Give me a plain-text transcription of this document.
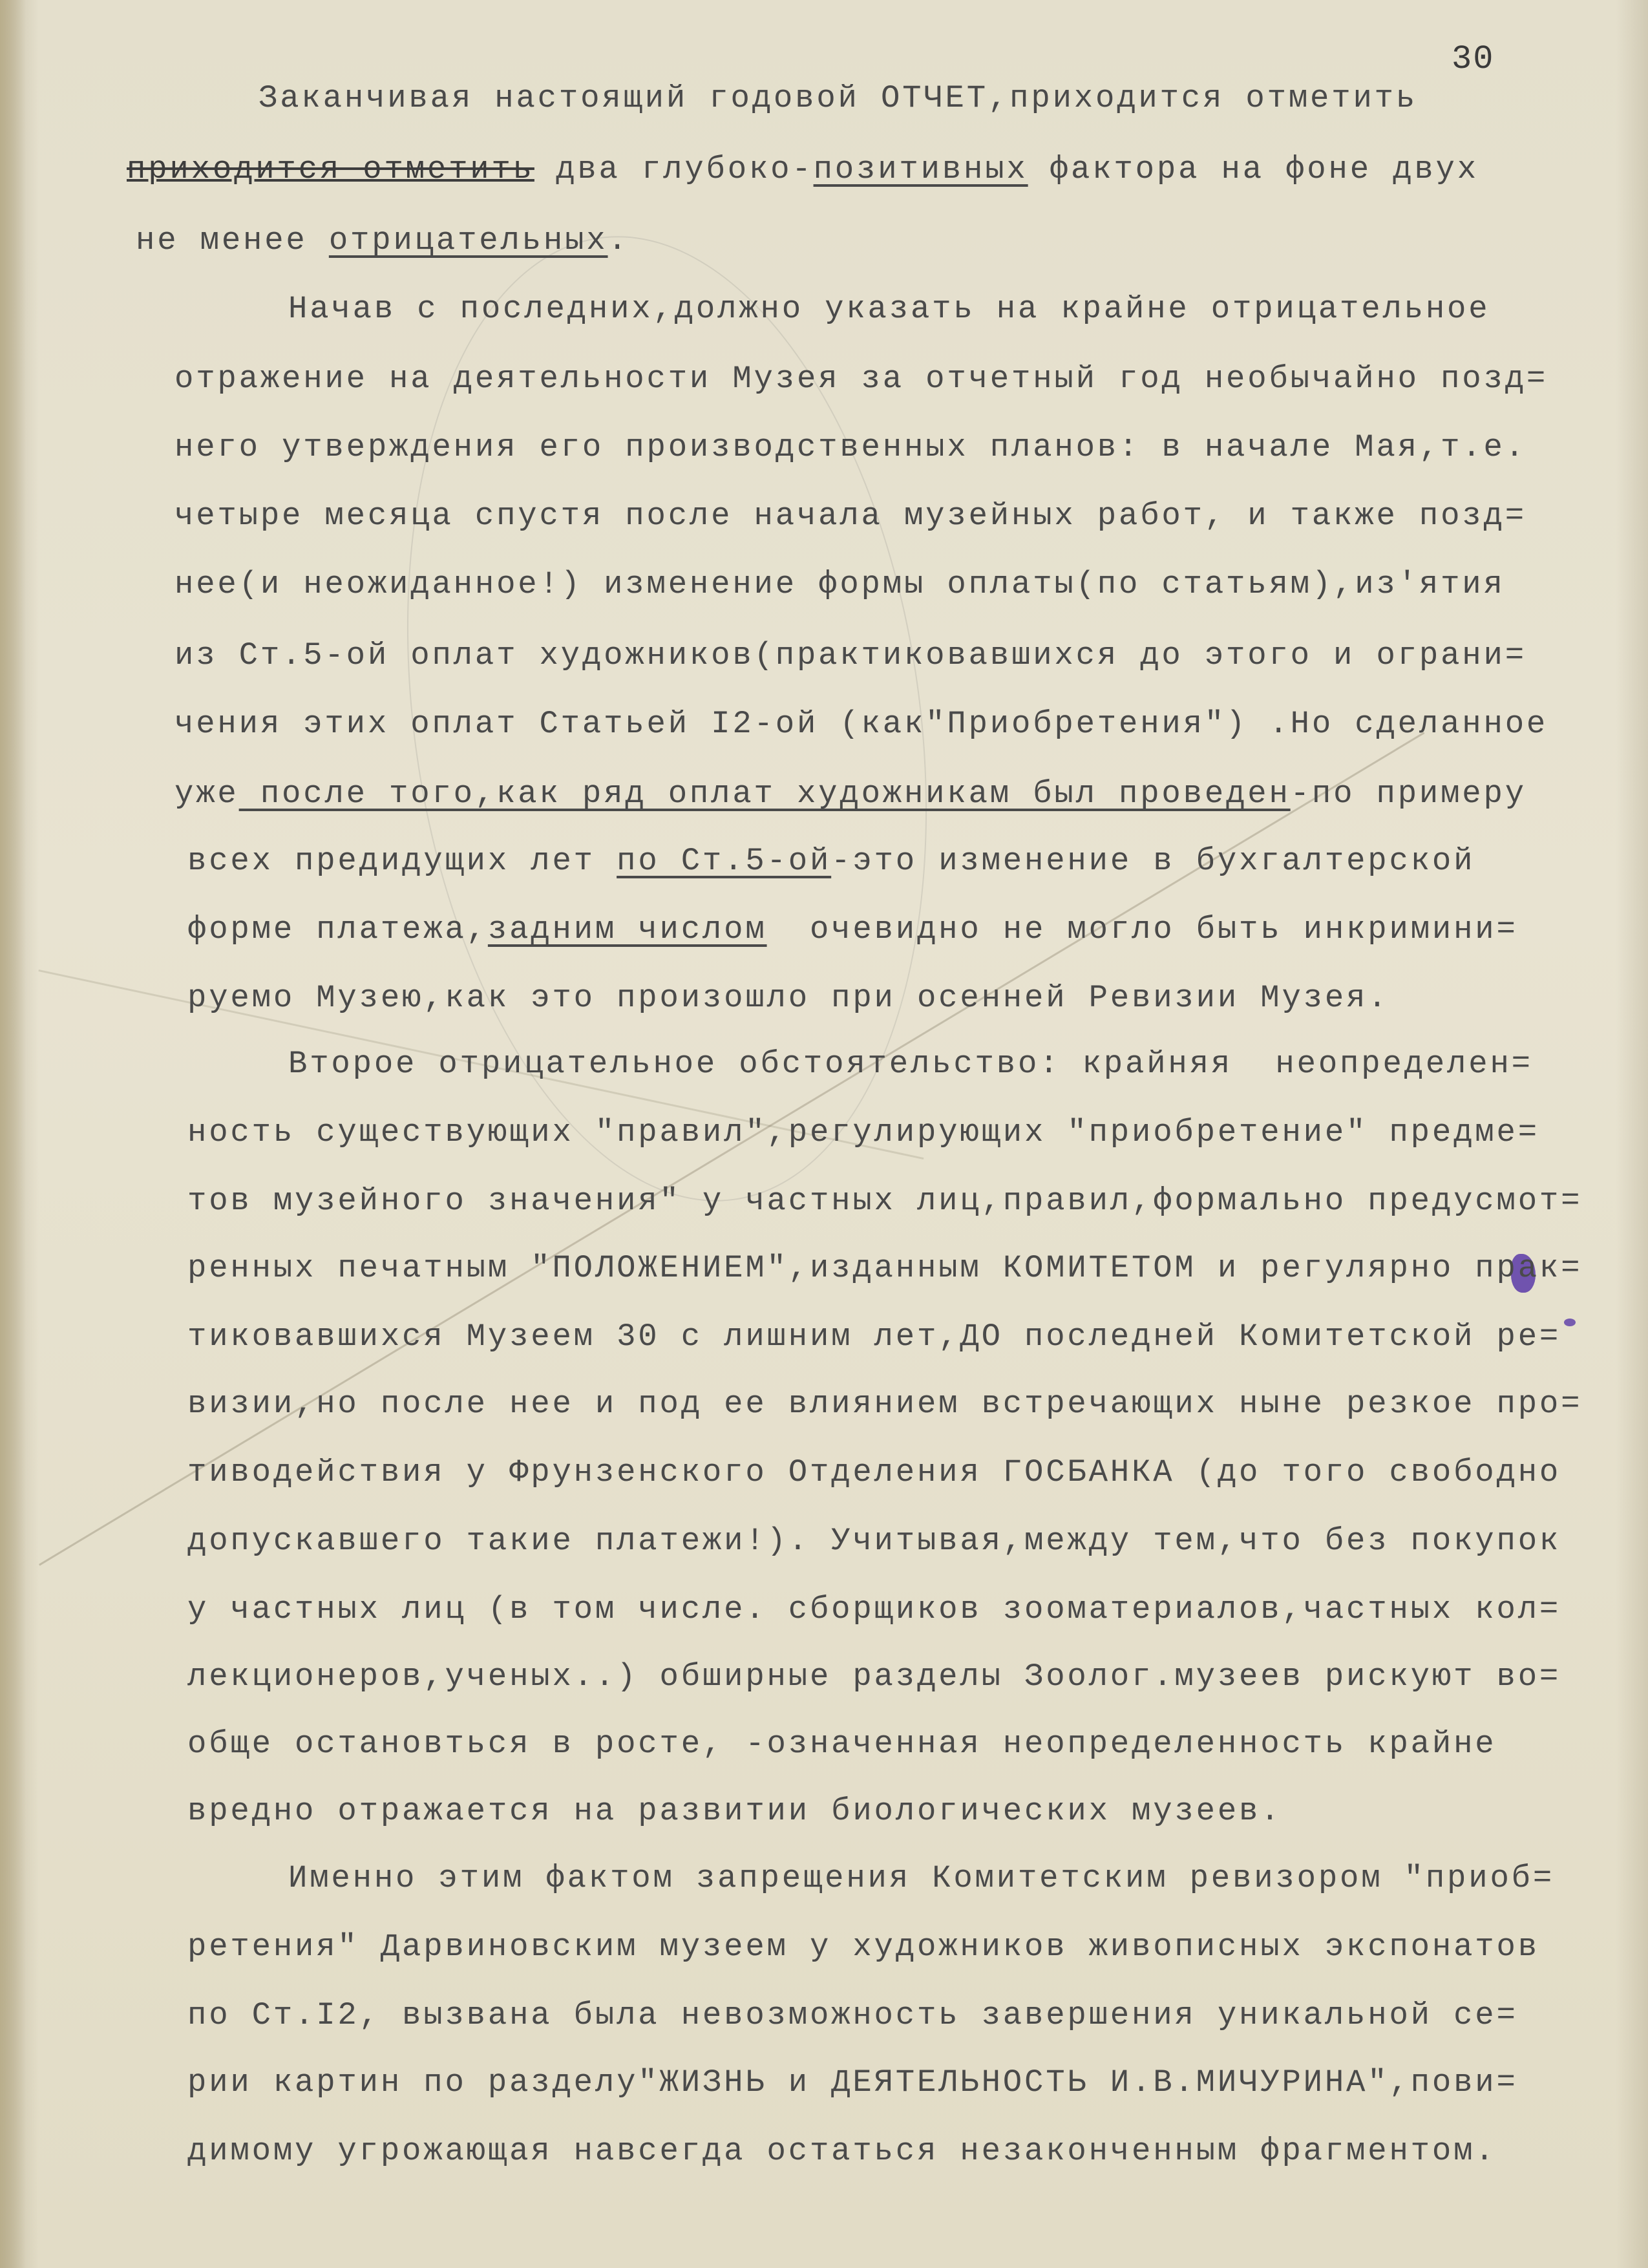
30
Заканчивая настоящий годовой ОТЧЕТ,приходится отметить
приходится отметить два глубоко-позитивных фактора на фоне двух
не менее отрицательных.
Начав с последних,должно указать на крайне отрицательное
отражение на деятельности Музея за отчетный год необычайно позд=
него утверждения его производственных планов: в начале Мая,т.е.
четыре месяца спустя после начала музейных работ, и также позд=
нее(и неожиданное!) изменение формы оплаты(по статьям),из'ятия
из Ст.5-ой оплат художников(практиковавшихся до этого и ограни=
чения этих оплат Статьей I2-ой (как"Приобретения") .Но сделанное
уже после того,как ряд оплат художникам был проведен-по примеру
всех предидущих лет по Ст.5-ой-это изменение в бухгалтерской
форме платежа,задним числом  очевидно не могло быть инкримини=
руемо Музею,как это произошло при осенней Ревизии Музея.
Второе отрицательное обстоятельство: крайняя  неопределен=
ность существующих "правил",регулирующих "приобретение" предме=
тов музейного значения" у частных лиц,правил,формально предусмот=
ренных печатным "ПОЛОЖЕНИЕМ",изданным КОМИТЕТОМ и регулярно прак=
тиковавшихся Музеем 30 с лишним лет,ДО последней Комитетской ре=
визии,но после нее и под ее влиянием встречающих ныне резкое про=
тиводействия у Фрунзенского Отделения ГОСБАНКА (до того свободно
допускавшего такие платежи!). Учитывая,между тем,что без покупок
у частных лиц (в том числе. сборщиков зооматериалов,частных кол=
лекционеров,ученых..) обширные разделы Зоолог.музеев рискуют во=
обще остановться в росте, -означенная неопределенность крайне
вредно отражается на развитии биологических музеев.
Именно этим фактом запрещения Комитетским ревизором "приоб=
ретения" Дарвиновским музеем у художников живописных экспонатов
по Ст.I2, вызвана была невозможность завершения уникальной се=
рии картин по разделу"ЖИЗНЬ и ДЕЯТЕЛЬНОСТЬ И.В.МИЧУРИНА",пови=
димому угрожающая навсегда остаться незаконченным фрагментом.
